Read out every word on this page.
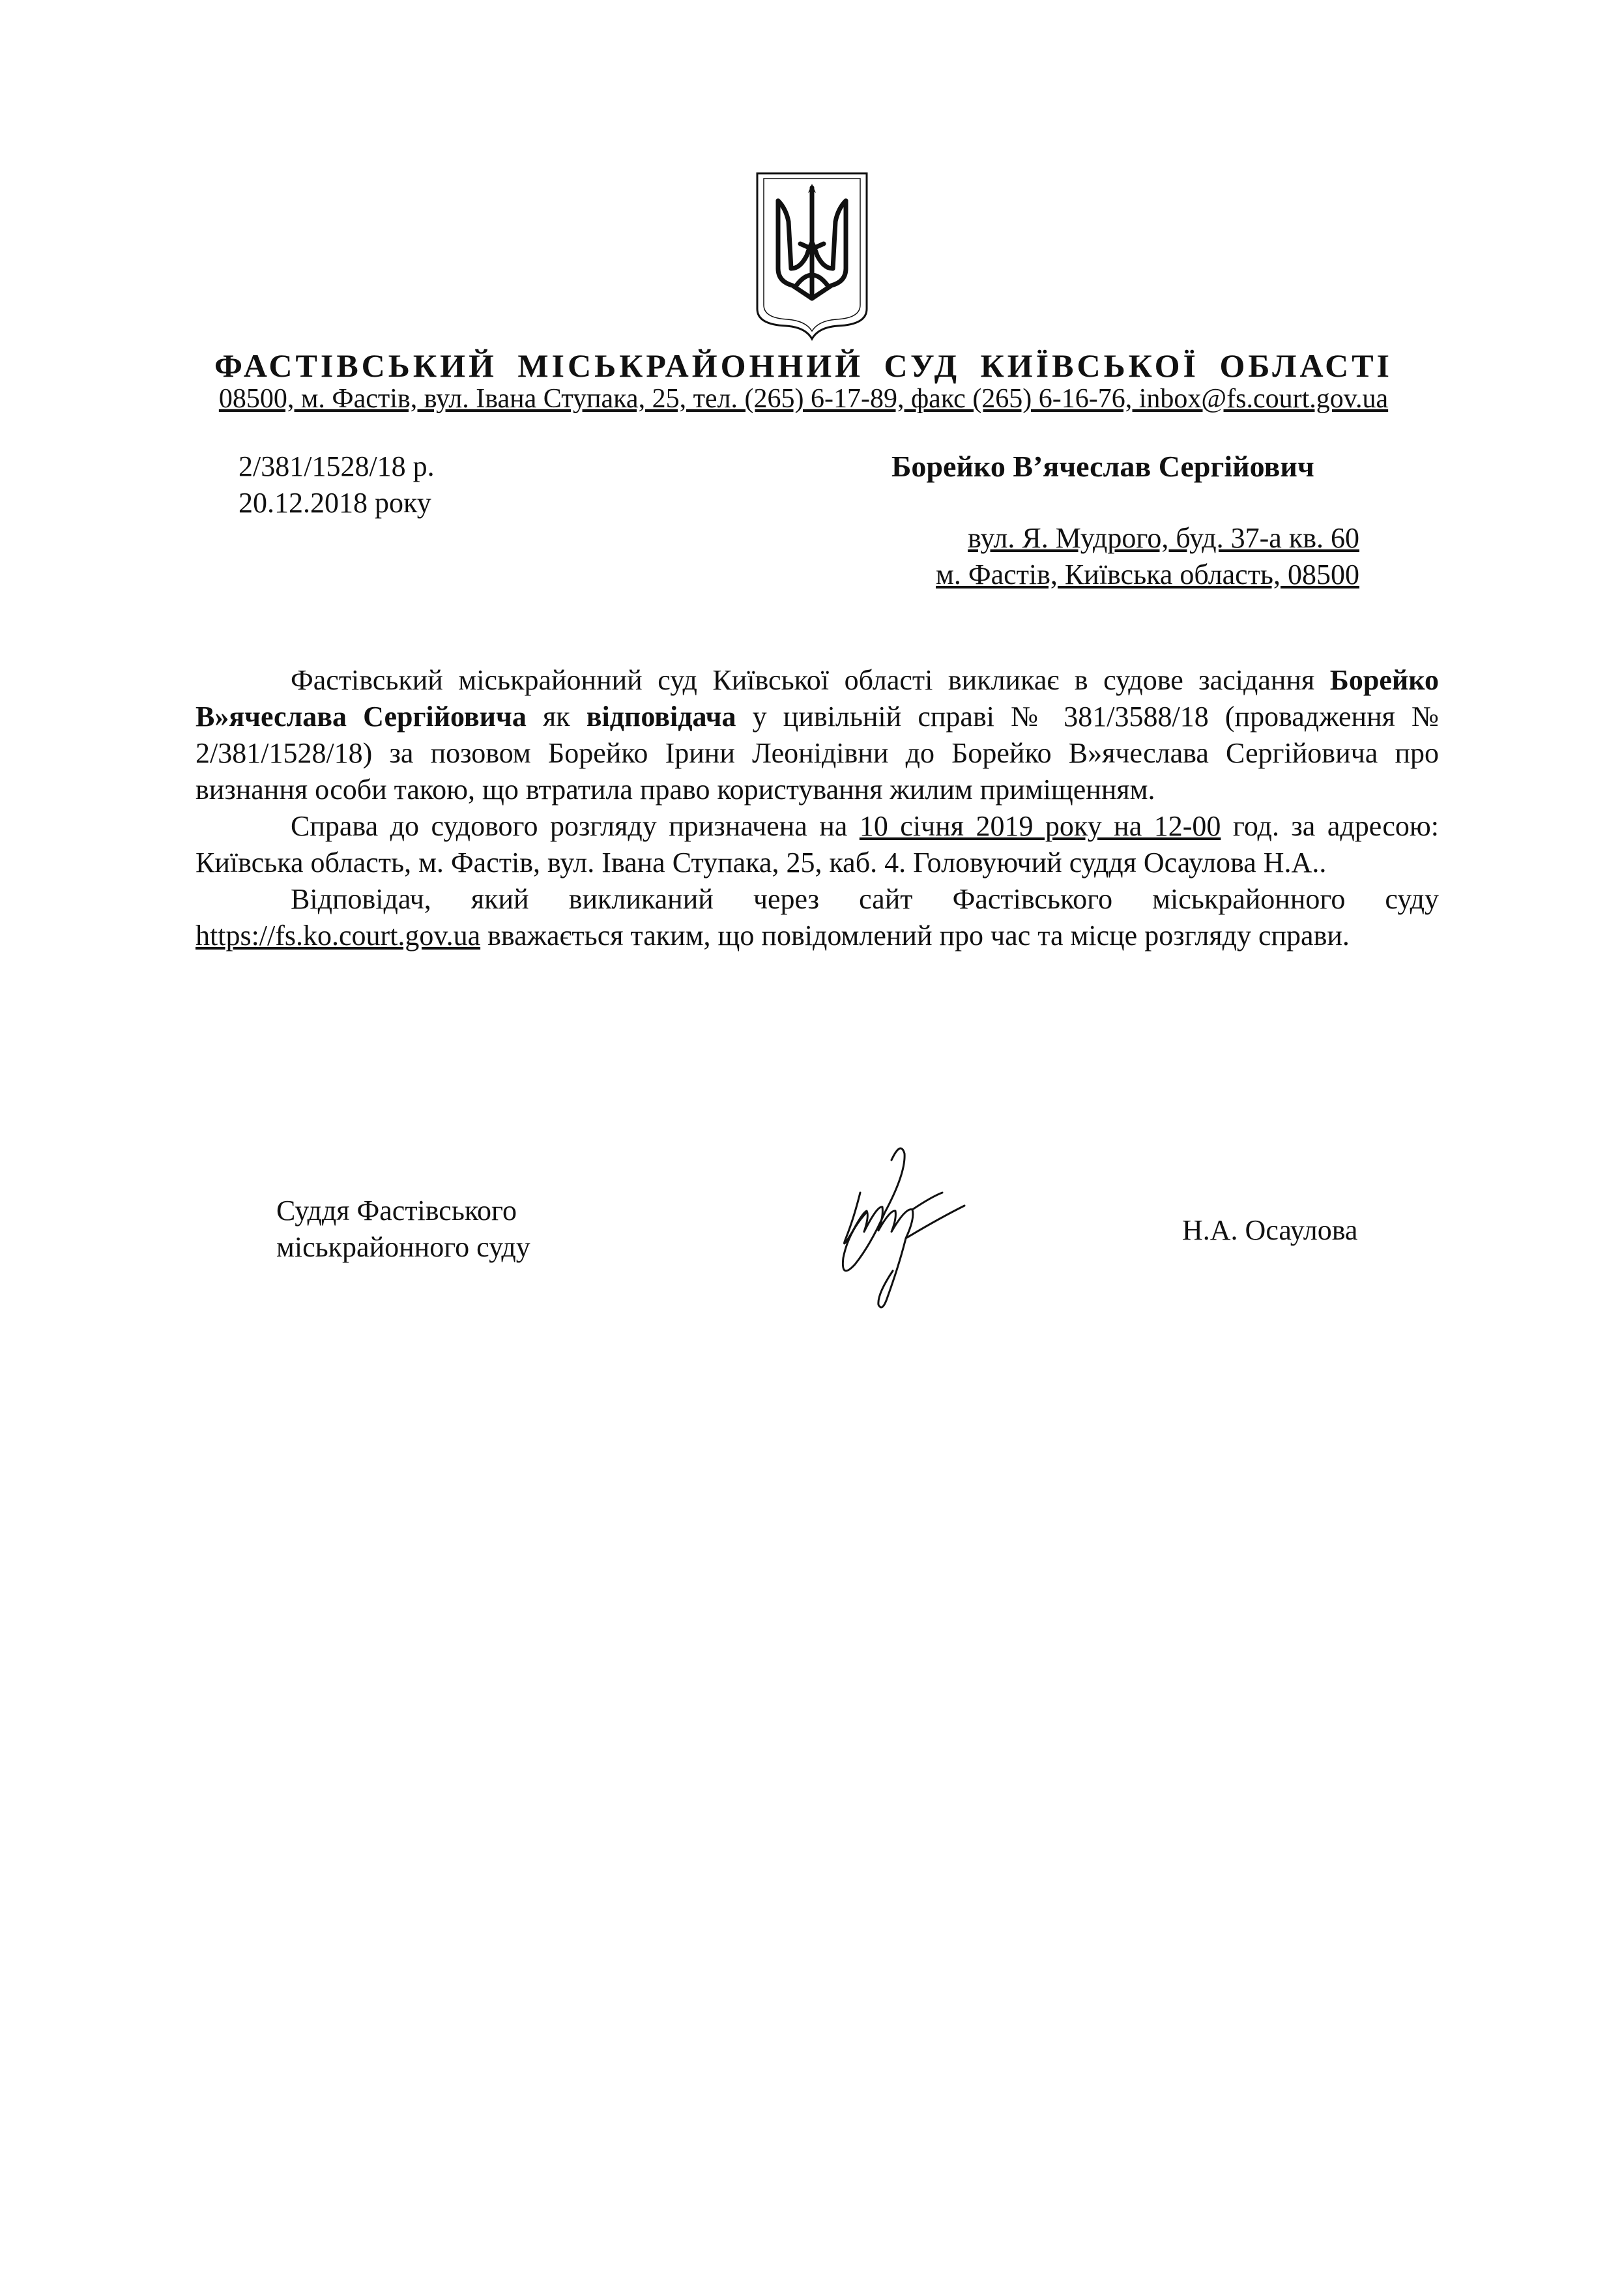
ФАСТІВСЬКИЙ МІСЬКРАЙОННИЙ СУД КИЇВСЬКОЇ ОБЛАСТІ
08500, м. Фастів, вул. Івана Ступака, 25, тел. (265) 6-17-89, факс (265) 6-16-76, inbox@fs.court.gov.ua
2/381/1528/18 р.
20.12.2018 року
Борейко В’ячеслав Сергійович
вул. Я. Мудрого, буд. 37-а кв. 60
м. Фастів, Київська область, 08500

Фастівський міськрайонний суд Київської області викликає в судове засідання Борейко В»ячеслава Сергійовича як відповідача у цивільній справі № 381/3588/18 (провадження № 2/381/1528/18) за позовом Борейко Ірини Леонідівни до Борейко В»ячеслава Сергійовича про визнання особи такою, що втратила право користування жилим приміщенням.

Справа до судового розгляду призначена на 10 січня 2019 року на 12-00 год. за адресою: Київська область, м. Фастів, вул. Івана Ступака, 25, каб. 4. Головуючий суддя Осаулова Н.А..

Відповідач, який викликаний через сайт Фастівського міськрайонного суду https://fs.ko.court.gov.ua вважається таким, що повідомлений про час та місце розгляду справи.

Суддя Фастівського
міськрайонного суду
Н.А. Осаулова
